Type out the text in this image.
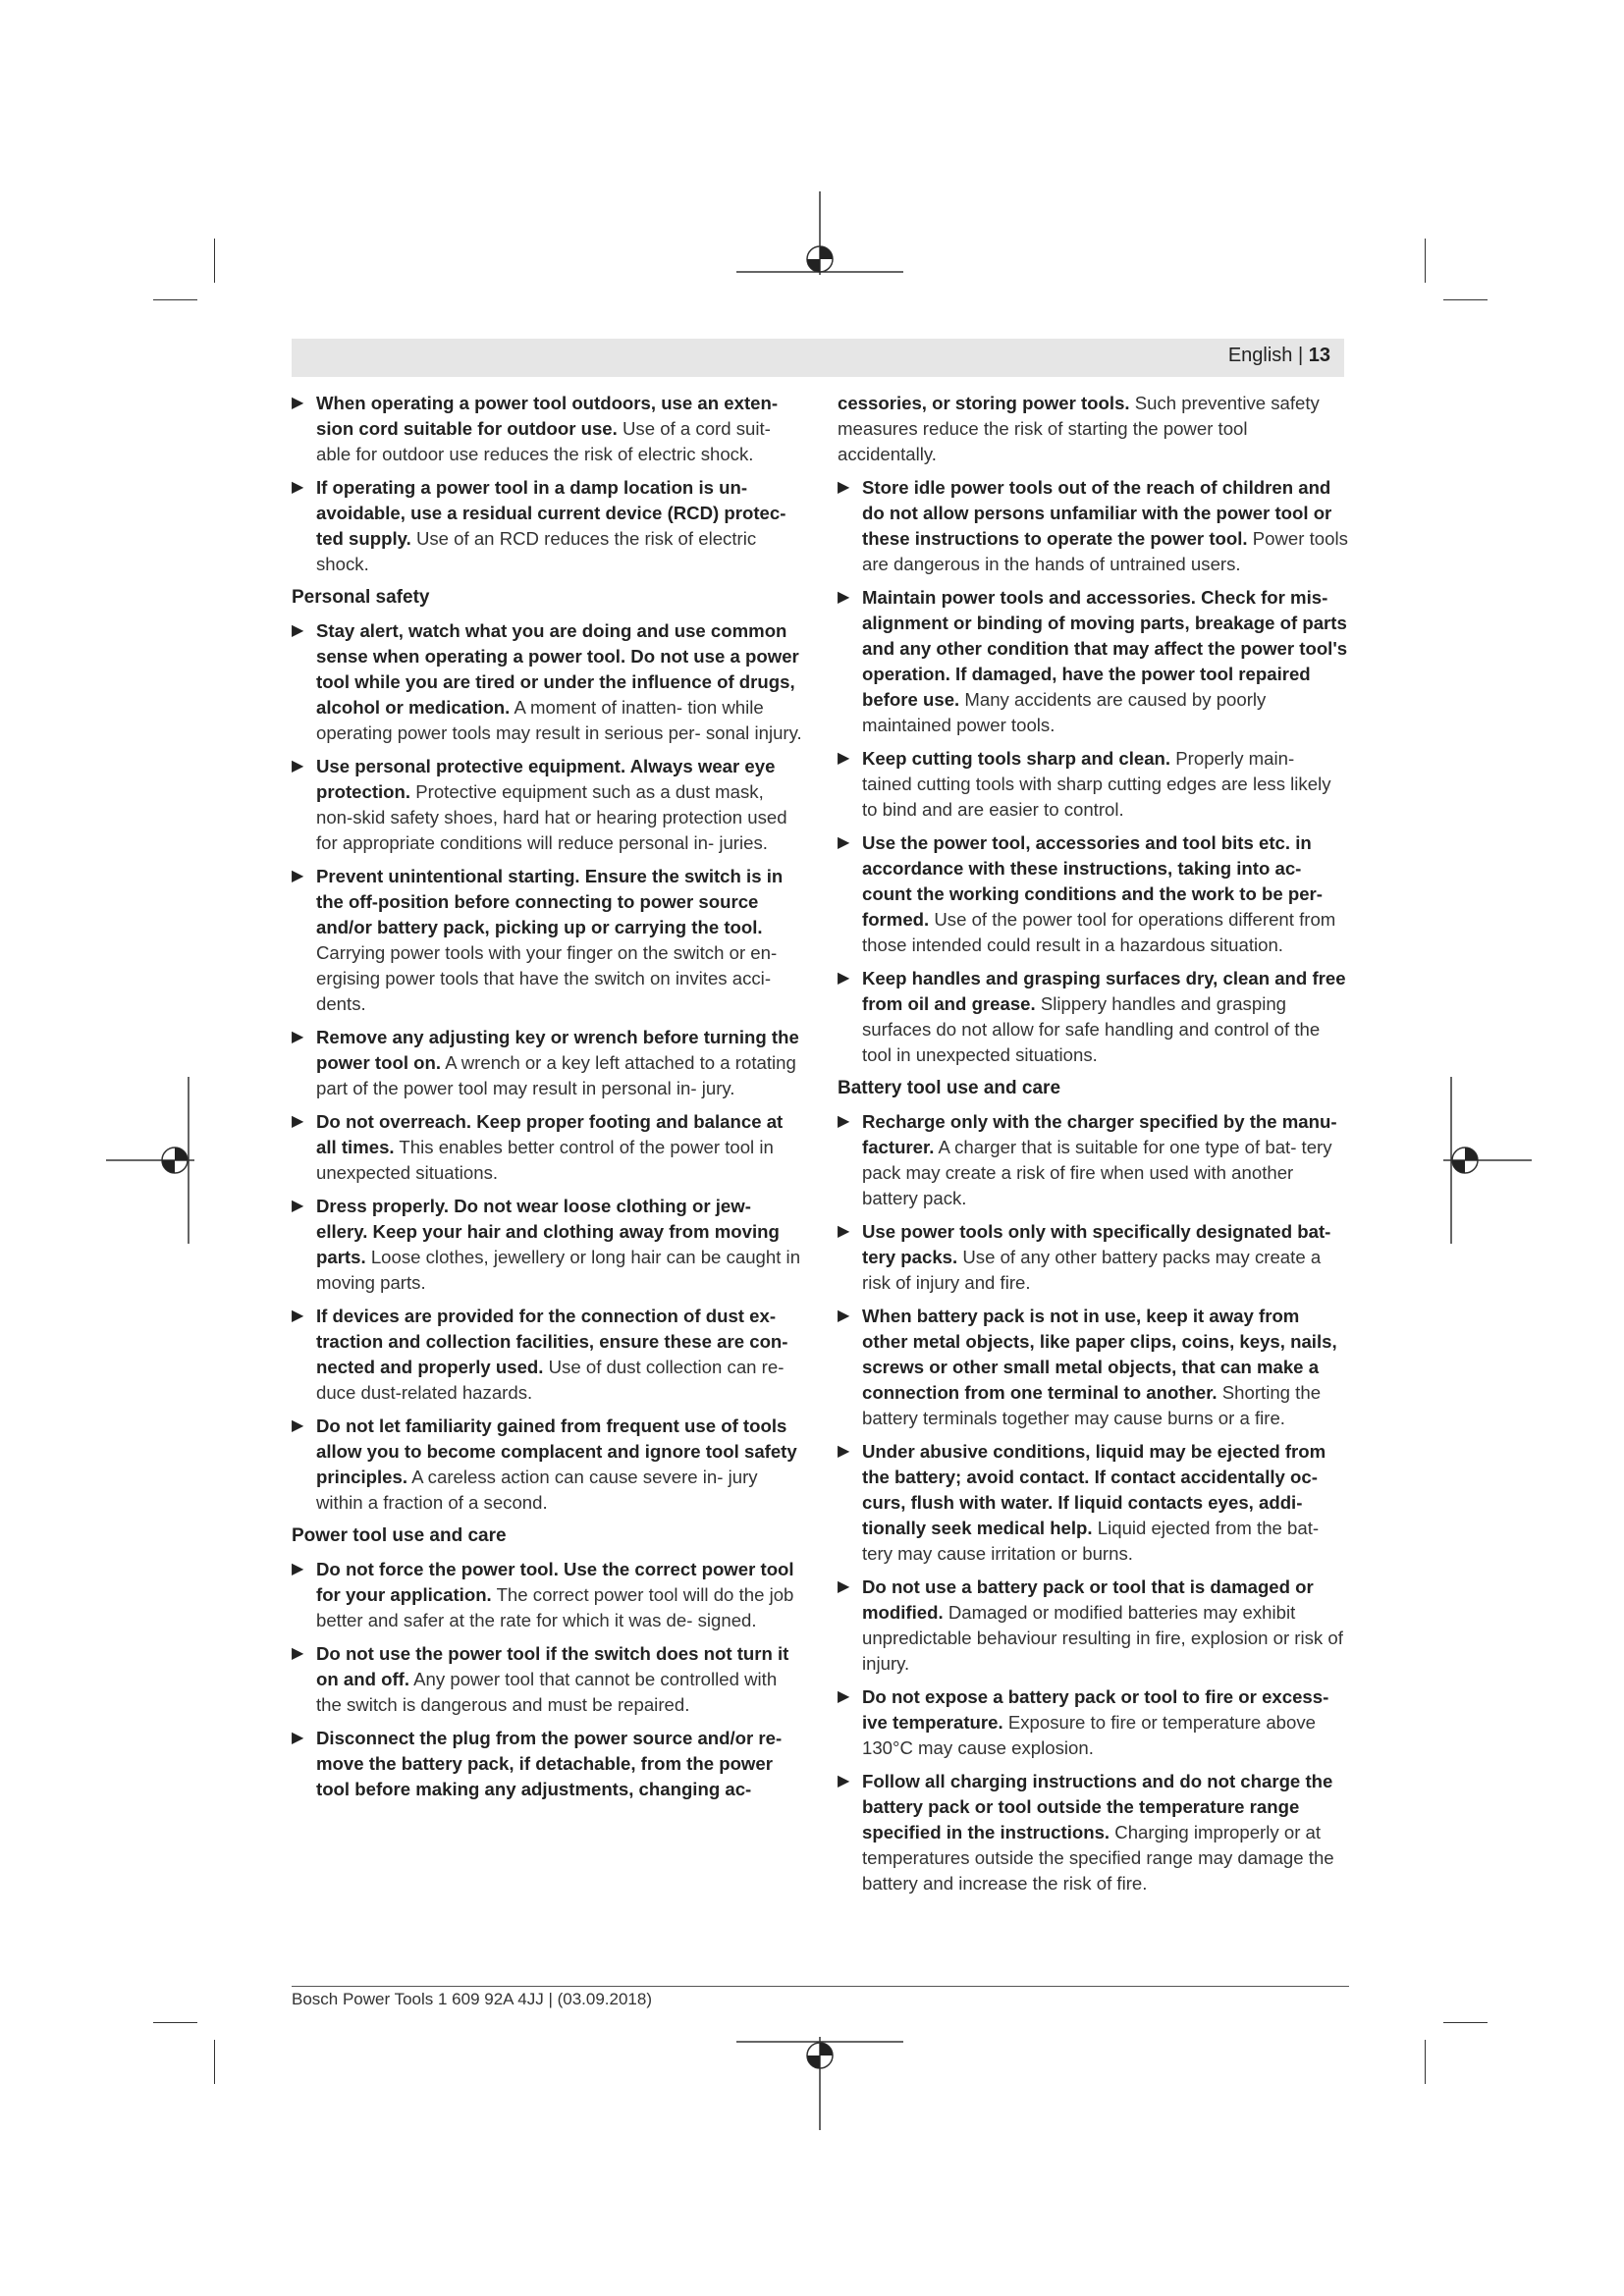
English | 13
▶ When operating a power tool outdoors, use an exten- sion cord suitable for outdoor use. Use of a cord suit- able for outdoor use reduces the risk of electric shock.
▶ If operating a power tool in a damp location is un- avoidable, use a residual current device (RCD) protec- ted supply. Use of an RCD reduces the risk of electric shock.
Personal safety
▶ Stay alert, watch what you are doing and use common sense when operating a power tool. Do not use a power tool while you are tired or under the influence of drugs, alcohol or medication. A moment of inatten- tion while operating power tools may result in serious per- sonal injury.
▶ Use personal protective equipment. Always wear eye protection. Protective equipment such as a dust mask, non-skid safety shoes, hard hat or hearing protection used for appropriate conditions will reduce personal in- juries.
▶ Prevent unintentional starting. Ensure the switch is in the off-position before connecting to power source and/or battery pack, picking up or carrying the tool. Carrying power tools with your finger on the switch or en- ergising power tools that have the switch on invites acci- dents.
▶ Remove any adjusting key or wrench before turning the power tool on. A wrench or a key left attached to a rotating part of the power tool may result in personal in- jury.
▶ Do not overreach. Keep proper footing and balance at all times. This enables better control of the power tool in unexpected situations.
▶ Dress properly. Do not wear loose clothing or jew- ellery. Keep your hair and clothing away from moving parts. Loose clothes, jewellery or long hair can be caught in moving parts.
▶ If devices are provided for the connection of dust ex- traction and collection facilities, ensure these are con- nected and properly used. Use of dust collection can re- duce dust-related hazards.
▶ Do not let familiarity gained from frequent use of tools allow you to become complacent and ignore tool safety principles. A careless action can cause severe in- jury within a fraction of a second.
Power tool use and care
▶ Do not force the power tool. Use the correct power tool for your application. The correct power tool will do the job better and safer at the rate for which it was de- signed.
▶ Do not use the power tool if the switch does not turn it on and off. Any power tool that cannot be controlled with the switch is dangerous and must be repaired.
▶ Disconnect the plug from the power source and/or re- move the battery pack, if detachable, from the power tool before making any adjustments, changing ac-
cessories, or storing power tools. Such preventive safety measures reduce the risk of starting the power tool accidentally.
▶ Store idle power tools out of the reach of children and do not allow persons unfamiliar with the power tool or these instructions to operate the power tool. Power tools are dangerous in the hands of untrained users.
▶ Maintain power tools and accessories. Check for mis- alignment or binding of moving parts, breakage of parts and any other condition that may affect the power tool's operation. If damaged, have the power tool repaired before use. Many accidents are caused by poorly maintained power tools.
▶ Keep cutting tools sharp and clean. Properly main- tained cutting tools with sharp cutting edges are less likely to bind and are easier to control.
▶ Use the power tool, accessories and tool bits etc. in accordance with these instructions, taking into ac- count the working conditions and the work to be per- formed. Use of the power tool for operations different from those intended could result in a hazardous situation.
▶ Keep handles and grasping surfaces dry, clean and free from oil and grease. Slippery handles and grasping surfaces do not allow for safe handling and control of the tool in unexpected situations.
Battery tool use and care
▶ Recharge only with the charger specified by the manu- facturer. A charger that is suitable for one type of bat- tery pack may create a risk of fire when used with another battery pack.
▶ Use power tools only with specifically designated bat- tery packs. Use of any other battery packs may create a risk of injury and fire.
▶ When battery pack is not in use, keep it away from other metal objects, like paper clips, coins, keys, nails, screws or other small metal objects, that can make a connection from one terminal to another. Shorting the battery terminals together may cause burns or a fire.
▶ Under abusive conditions, liquid may be ejected from the battery; avoid contact. If contact accidentally oc- curs, flush with water. If liquid contacts eyes, addi- tionally seek medical help. Liquid ejected from the bat- tery may cause irritation or burns.
▶ Do not use a battery pack or tool that is damaged or modified. Damaged or modified batteries may exhibit unpredictable behaviour resulting in fire, explosion or risk of injury.
▶ Do not expose a battery pack or tool to fire or excess- ive temperature. Exposure to fire or temperature above 130°C may cause explosion.
▶ Follow all charging instructions and do not charge the battery pack or tool outside the temperature range specified in the instructions. Charging improperly or at temperatures outside the specified range may damage the battery and increase the risk of fire.
Bosch Power Tools 1 609 92A 4JJ | (03.09.2018)
